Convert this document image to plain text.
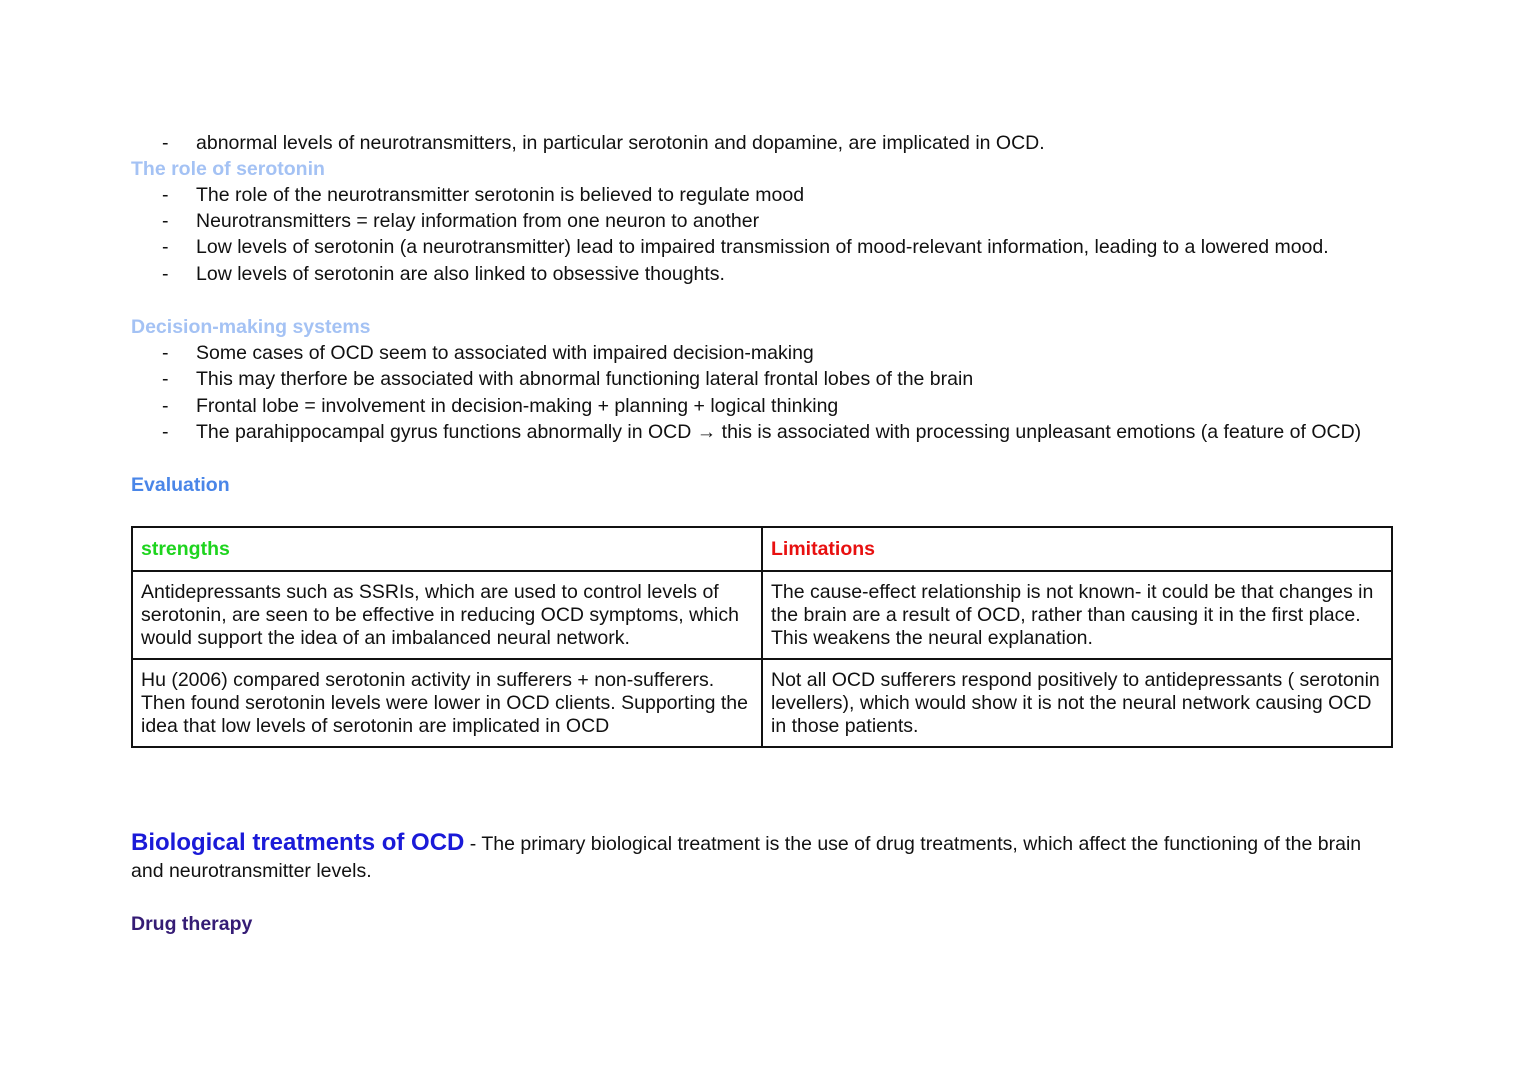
- abnormal levels of neurotransmitters, in particular serotonin and dopamine, are implicated in OCD.
The role of serotonin
- The role of the neurotransmitter serotonin is believed to regulate mood
- Neurotransmitters = relay information from one neuron to another
- Low levels of serotonin (a neurotransmitter) lead to impaired transmission of mood-relevant information, leading to a lowered mood.
- Low levels of serotonin are also linked to obsessive thoughts.
Decision-making systems
- Some cases of OCD seem to associated with impaired decision-making
- This may therfore be associated with abnormal functioning lateral frontal lobes of the brain
- Frontal lobe = involvement in decision-making + planning + logical thinking
- The parahippocampal gyrus functions abnormally in OCD → this is associated with processing unpleasant emotions (a feature of OCD)
Evaluation
strengths	Limitations
Antidepressants such as SSRIs, which are used to control levels of serotonin, are seen to be effective in reducing OCD symptoms, which would support the idea of an imbalanced neural network.	The cause-effect relationship is not known- it could be that changes in the brain are a result of OCD, rather than causing it in the first place. This weakens the neural explanation.
Hu (2006) compared serotonin activity in sufferers + non-sufferers. Then found serotonin levels were lower in OCD clients. Supporting the idea that low levels of serotonin are implicated in OCD	Not all OCD sufferers respond positively to antidepressants ( serotonin levellers), which would show it is not the neural network causing OCD in those patients.
Biological treatments of OCD - The primary biological treatment is the use of drug treatments, which affect the functioning of the brain
and neurotransmitter levels.
Drug therapy
